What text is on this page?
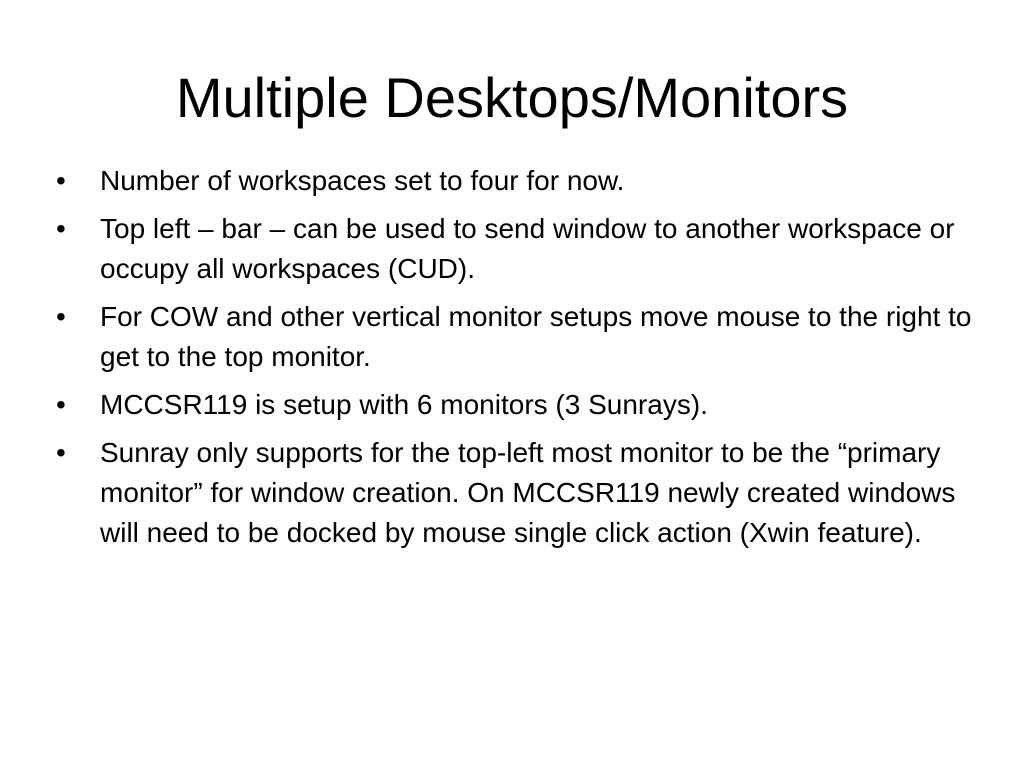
Multiple Desktops/Monitors
•	Number of workspaces set to four for now.
•	Top left – bar – can be used to send window to another workspace or occupy all workspaces (CUD).
•	For COW and other vertical monitor setups move mouse to the right to get to the top monitor.
•	MCCSR119 is setup with 6 monitors (3 Sunrays).
•	Sunray only supports for the top-left most monitor to be the “primary monitor” for window creation. On MCCSR119 newly created windows will need to be docked by mouse single click action (Xwin feature).
